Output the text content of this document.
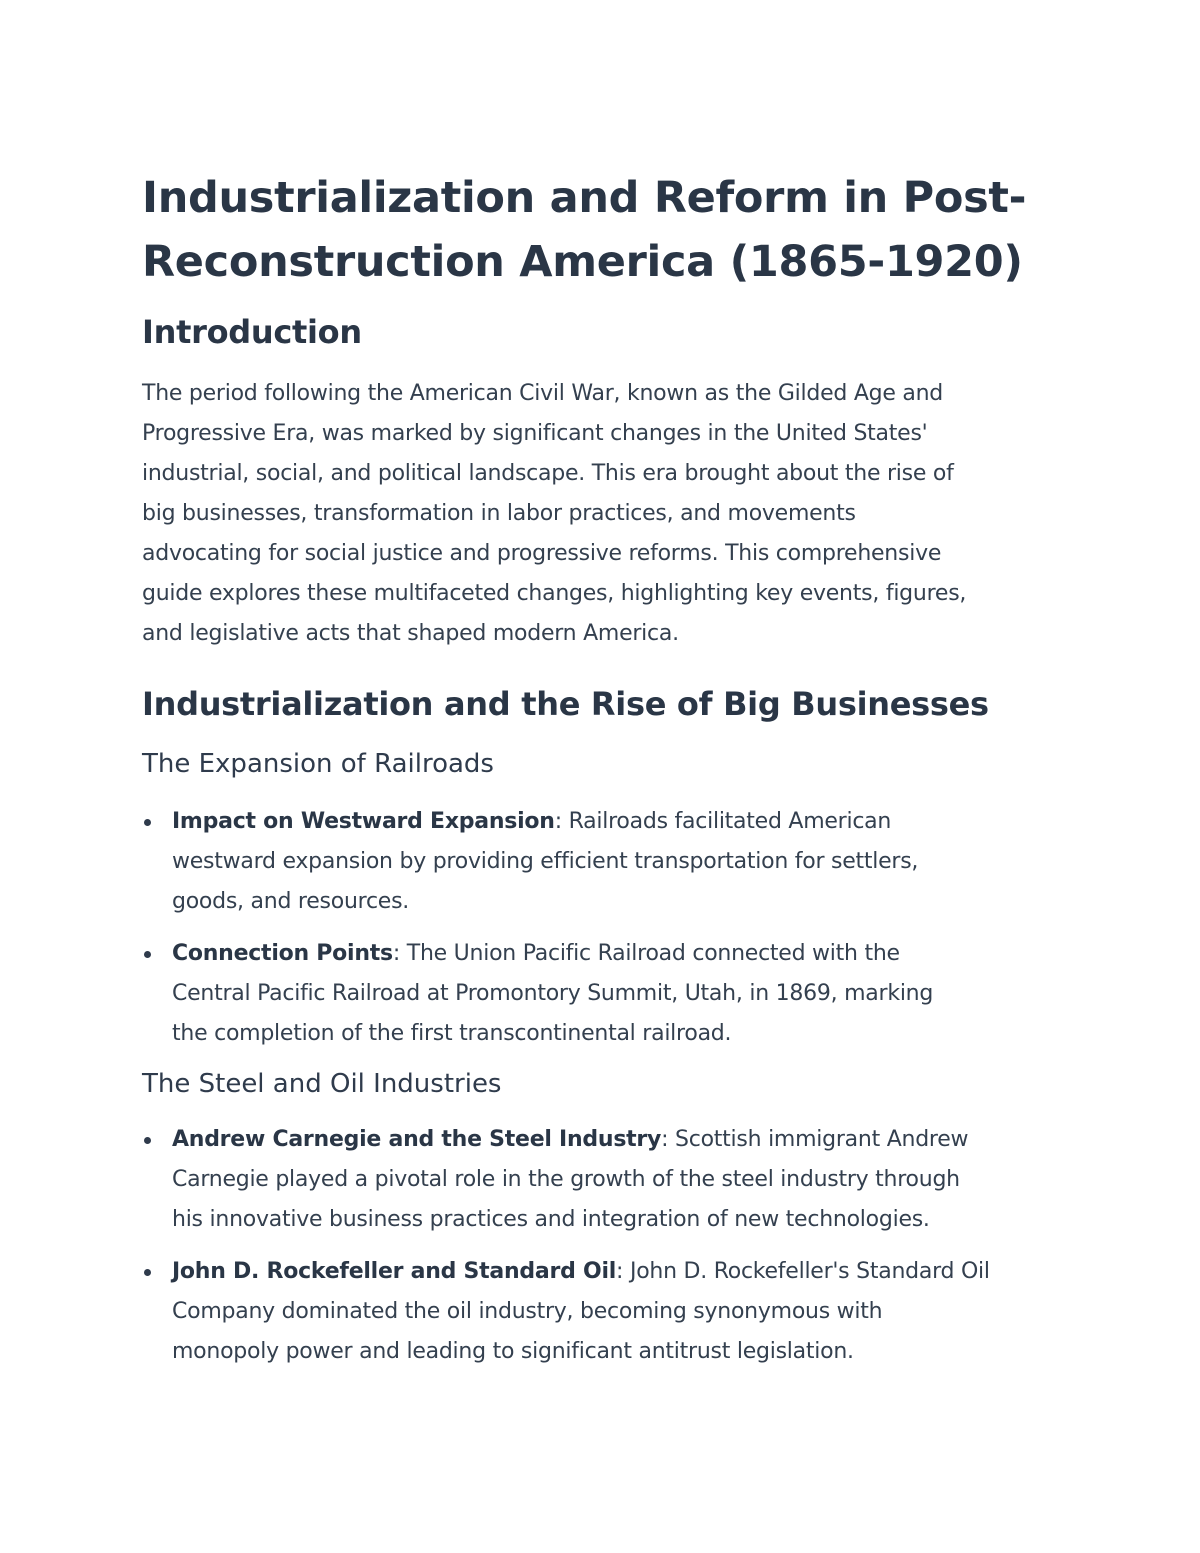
Industrialization and Reform in Post-
Reconstruction America (1865-1920)
Introduction
The period following the American Civil War, known as the Gilded Age and
Progressive Era, was marked by significant changes in the United States'
industrial, social, and political landscape. This era brought about the rise of
big businesses, transformation in labor practices, and movements
advocating for social justice and progressive reforms. This comprehensive
guide explores these multifaceted changes, highlighting key events, figures,
and legislative acts that shaped modern America.
Industrialization and the Rise of Big Businesses
The Expansion of Railroads
Impact on Westward Expansion: Railroads facilitated American
westward expansion by providing efficient transportation for settlers,
goods, and resources.
Connection Points: The Union Pacific Railroad connected with the
Central Pacific Railroad at Promontory Summit, Utah, in 1869, marking
the completion of the first transcontinental railroad.
The Steel and Oil Industries
Andrew Carnegie and the Steel Industry: Scottish immigrant Andrew
Carnegie played a pivotal role in the growth of the steel industry through
his innovative business practices and integration of new technologies.
John D. Rockefeller and Standard Oil: John D. Rockefeller's Standard Oil
Company dominated the oil industry, becoming synonymous with
monopoly power and leading to significant antitrust legislation.
